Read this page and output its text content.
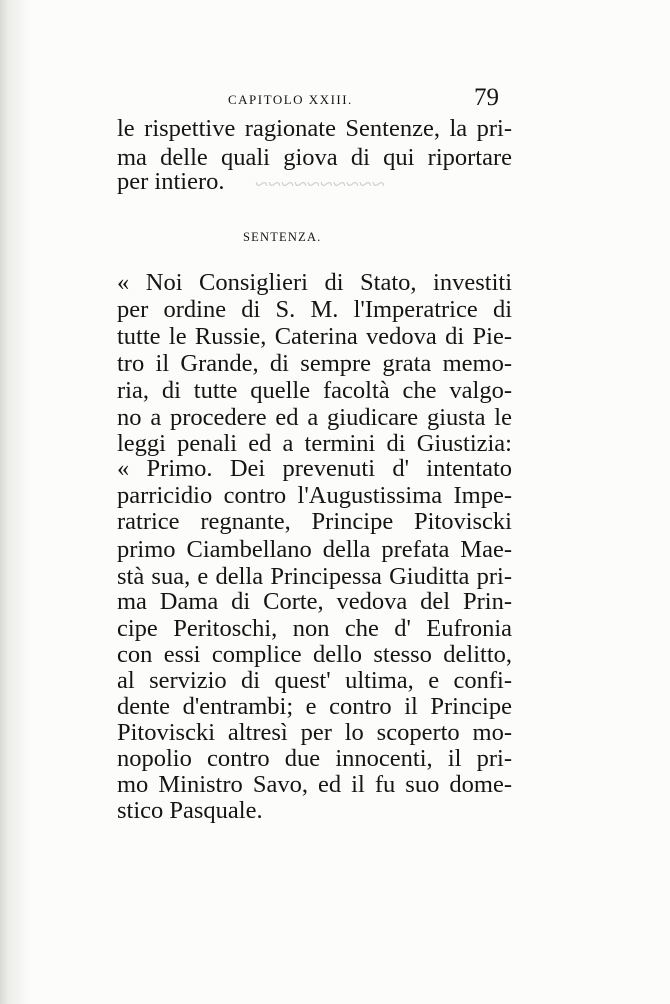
~~~~~~~~~~
CAPITOLO XXIII.	79
le rispettive ragionate Sentenze, la pri-
ma delle quali giova di qui riportare
per intiero.
SENTENZA.
« Noi Consiglieri di Stato, investiti
per ordine di S. M. l'Imperatrice di
tutte le Russie, Caterina vedova di Pie-
tro il Grande, di sempre grata memo-
ria, di tutte quelle facoltà che valgo-
no a procedere ed a giudicare giusta le
leggi penali ed a termini di Giustizia:
« Primo. Dei prevenuti d' intentato
parricidio contro l'Augustissima Impe-
ratrice regnante, Principe Pitoviscki
primo Ciambellano della prefata Mae-
stà sua, e della Principessa Giuditta pri-
ma Dama di Corte, vedova del Prin-
cipe Peritoschi, non che d' Eufronia
con essi complice dello stesso delitto,
al servizio di quest' ultima, e confi-
dente d'entrambi; e contro il Principe
Pitoviscki altresì per lo scoperto mo-
nopolio contro due innocenti, il pri-
mo Ministro Savo, ed il fu suo dome-
stico Pasquale.
